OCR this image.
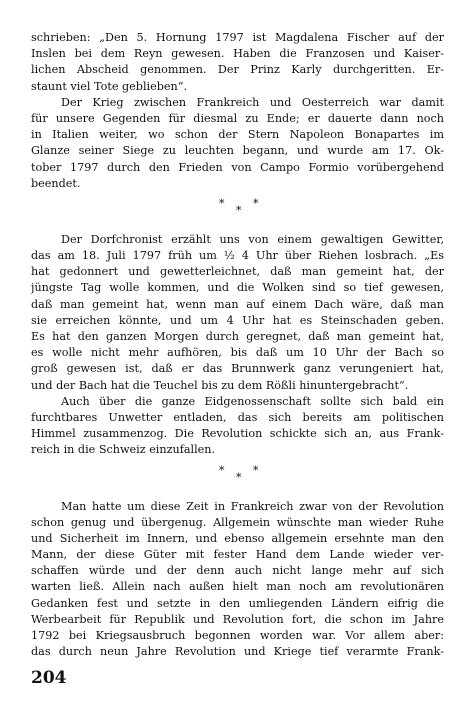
schrieben: „Den 5. Hornung 1797 ist Magdalena Fischer auf der
Inslen bei dem Reyn gewesen. Haben die Franzosen und Kaiser-
lichen Abscheid genommen. Der Prinz Karly durchgeritten. Er-
staunt viel Tote geblieben“.
Der Krieg zwischen Frankreich und Oesterreich war damit
für unsere Gegenden für diesmal zu Ende; er dauerte dann noch
in Italien weiter, wo schon der Stern Napoleon Bonapartes im
Glanze seiner Siege zu leuchten begann, und wurde am 17. Ok-
tober 1797 durch den Frieden von Campo Formio vorübergehend
beendet.
*
*
*
Der Dorfchronist erzählt uns von einem gewaltigen Gewitter,
das am 18. Juli 1797 früh um ½ 4 Uhr über Riehen losbrach. „Es
hat gedonnert und gewetterleichnet, daß man gemeint hat, der
jüngste Tag wolle kommen, und die Wolken sind so tief gewesen,
daß man gemeint hat, wenn man auf einem Dach wäre, daß man
sie erreichen könnte, und um 4 Uhr hat es Steinschaden geben.
Es hat den ganzen Morgen durch geregnet, daß man gemeint hat,
es wolle nicht mehr aufhören, bis daß um 10 Uhr der Bach so
groß gewesen ist, daß er das Brunnwerk ganz verungeniert hat,
und der Bach hat die Teuchel bis zu dem Rößli hinuntergebracht“.
Auch über die ganze Eidgenossenschaft sollte sich bald ein
furchtbares Unwetter entladen, das sich bereits am politischen
Himmel zusammenzog. Die Revolution schickte sich an, aus Frank-
reich in die Schweiz einzufallen.
*
*
*
Man hatte um diese Zeit in Frankreich zwar von der Revolution
schon genug und übergenug. Allgemein wünschte man wieder Ruhe
und Sicherheit im Innern, und ebenso allgemein ersehnte man den
Mann, der diese Güter mit fester Hand dem Lande wieder ver-
schaffen würde und der denn auch nicht lange mehr auf sich
warten ließ. Allein nach außen hielt man noch am revolutionären
Gedanken fest und setzte in den umliegenden Ländern eifrig die
Werbearbeit für Republik und Revolution fort, die schon im Jahre
1792 bei Kriegsausbruch begonnen worden war. Vor allem aber:
das durch neun Jahre Revolution und Kriege tief verarmte Frank-
204
